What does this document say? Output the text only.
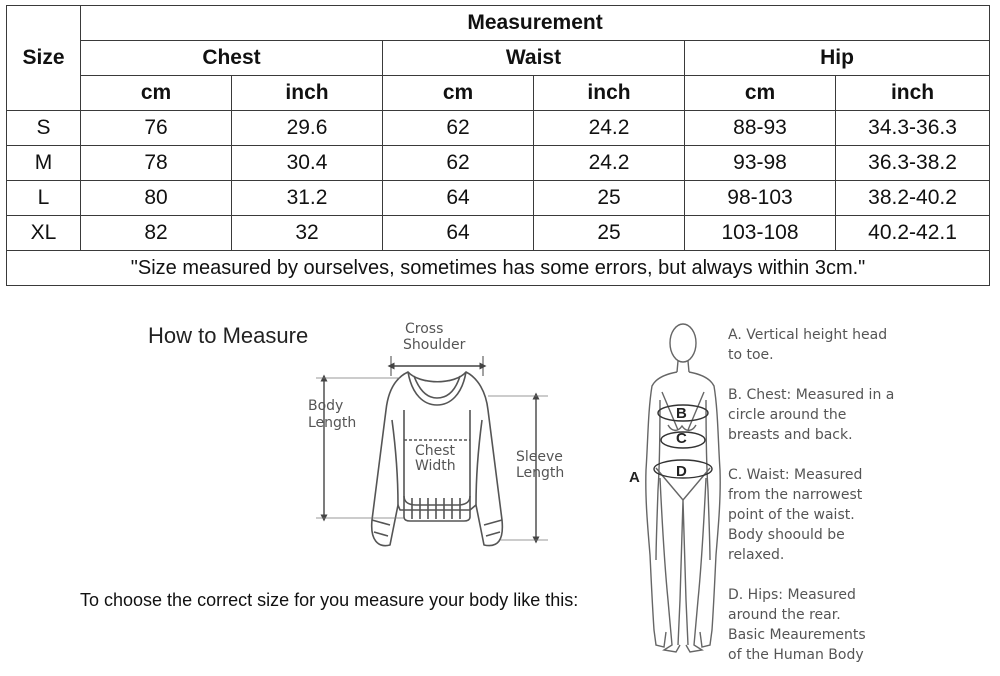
Size	Measurement					
	Chest		Waist		Hip	
	cm	inch	cm	inch	cm	inch
S	76	29.6	62	24.2	88-93	34.3-36.3
M	78	30.4	62	24.2	93-98	36.3-38.2
L	80	31.2	64	25	98-103	38.2-40.2
XL	82	32	64	25	103-108	40.2-42.1
"Size measured by ourselves, sometimes has some errors, but always within 3cm."						
How to Measure
To choose the correct size for you measure your body like this:
Cross
Shoulder
Body
Length
Chest
Width
Sleeve
Length
B
C
D
A
A. Vertical height head
to toe.
B. Chest: Measured in a
circle around the
breasts and back.
C. Waist: Measured
from the narrowest
point of the waist.
Body shoould be
relaxed.
D. Hips: Measured
around the rear.
Basic Meaurements
of the Human Body
